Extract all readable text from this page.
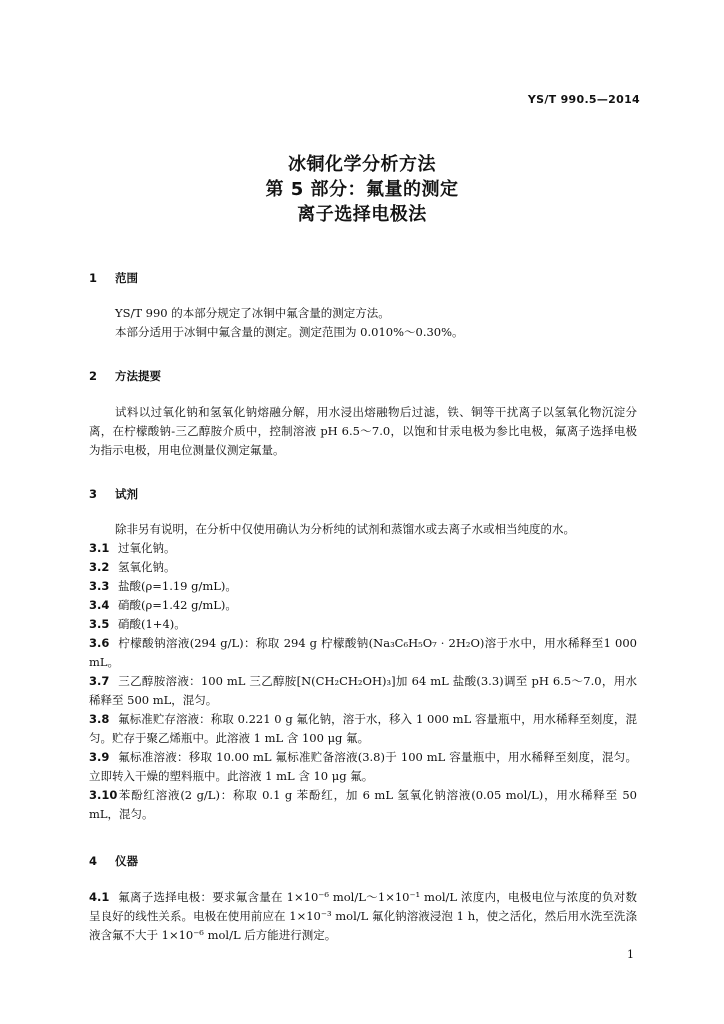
YS/T 990.5—2014
冰铜化学分析方法
第 5 部分：氟量的测定
离子选择电极法
1 范围
YS/T 990 的本部分规定了冰铜中氟含量的测定方法。
本部分适用于冰铜中氟含量的测定。测定范围为 0.010%～0.30%。
2 方法提要
试料以过氧化钠和氢氧化钠熔融分解，用水浸出熔融物后过滤，铁、铜等干扰离子以氢氧化物沉淀分离，在柠檬酸钠-三乙醇胺介质中，控制溶液 pH 6.5～7.0，以饱和甘汞电极为参比电极，氟离子选择电极为指示电极，用电位测量仪测定氟量。
3 试剂
除非另有说明，在分析中仅使用确认为分析纯的试剂和蒸馏水或去离子水或相当纯度的水。
3.1 过氧化钠。
3.2 氢氧化钠。
3.3 盐酸(ρ=1.19 g/mL)。
3.4 硝酸(ρ=1.42 g/mL)。
3.5 硝酸(1+4)。
3.6 柠檬酸钠溶液(294 g/L)：称取 294 g 柠檬酸钠(Na₃C₆H₅O₇ · 2H₂O)溶于水中，用水稀释至1 000 mL。
3.7 三乙醇胺溶液：100 mL 三乙醇胺[N(CH₂CH₂OH)₃]加 64 mL 盐酸(3.3)调至 pH 6.5～7.0，用水稀释至 500 mL，混匀。
3.8 氟标准贮存溶液：称取 0.221 0 g 氟化钠，溶于水，移入 1 000 mL 容量瓶中，用水稀释至刻度，混匀。贮存于聚乙烯瓶中。此溶液 1 mL 含 100 μg 氟。
3.9 氟标准溶液：移取 10.00 mL 氟标准贮备溶液(3.8)于 100 mL 容量瓶中，用水稀释至刻度，混匀。立即转入干燥的塑料瓶中。此溶液 1 mL 含 10 μg 氟。
3.10苯酚红溶液(2 g/L)：称取 0.1 g 苯酚红，加 6 mL 氢氧化钠溶液(0.05 mol/L)，用水稀释至 50 mL，混匀。
4 仪器
4.1 氟离子选择电极：要求氟含量在 1×10⁻⁶ mol/L～1×10⁻¹ mol/L 浓度内，电极电位与浓度的负对数呈良好的线性关系。电极在使用前应在 1×10⁻³ mol/L 氟化钠溶液浸泡 1 h，使之活化，然后用水洗至洗涤液含氟不大于 1×10⁻⁶ mol/L 后方能进行测定。
1
